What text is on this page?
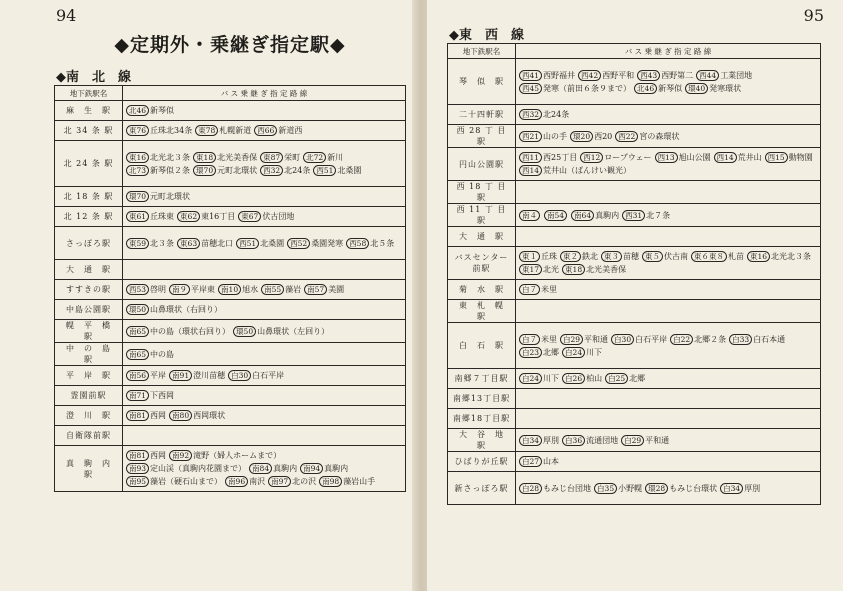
94
◆定期外・乗継ぎ指定駅◆
◆南　北　線
地下鉄駅名	バ ス 乗 継 ぎ 指 定 路 線
麻　生　駅	北46 新琴似
北 34 条 駅	東76 丘珠北34条 東78 札幌新道 西66 新道西
北 24 条 駅	東16 北光北３条 東18 北光美香保 東87 栄町 北72 新川北73 新琴似２条 環70 元町北環状 西32 北24条 西51 北桑園
北 18 条 駅	環70 元町北環状
北 12 条 駅	東61 丘珠東 東62 東16丁目 東67 伏古団地
さっぽろ駅	東59 北３条 東63 苗穂北口 西51 北桑園 西52 桑園発寒 西58 北５条
大　通　駅	
すすきの駅	西53 啓明 南９ 平岸東 南10 旭水 南55 藻岩 南57 美園
中島公園駅	環50 山鼻環状（右回り）
幌　平　橋　駅	南65 中の島（環状右回り） 環50 山鼻環状（左回り）
中　の　島　駅	南65 中の島
平　岸　駅	南56 平岸 南91 澄川苗穂 白30 白石平岸
霊園前駅	南71 下西岡
澄　川　駅	南81 西岡 南80 西岡環状
自衛隊前駅	
真　駒　内　駅	南81 西岡 南92 滝野（婦人ホームまで）南93 定山渓（真駒内花園まで） 南84 真駒内 南94 真駒内南95 藻岩（硬石山まで） 南96 南沢 南97 北の沢 南98 藻岩山手
95
◆東　西　線
地下鉄駅名	バ ス 乗 継 ぎ 指 定 路 線
琴　似　駅	西41 西野福井 西42 西野平和 西43 西野第二 西44 工業団地西45 発寒（前田６条９まで） 北46 新琴似 環40 発寒環状
二十四軒駅	西32 北24条
西 28 丁 目 駅	西21 山の手 環20 西20 西22 宮の森環状
円山公園駅	西11 西25丁目 西12 ロープウェー 西13 旭山公園 西14 荒井山 西15 動物園西14 荒井山（ばんけい観光）
西 18 丁 目 駅	
西 11 丁 目 駅	南４ 南54 南64 真駒内 西31 北７条
大　通　駅	
バスセンター前駅	東１ 丘珠 東２ 鉄北 東３ 苗穂 東５ 伏古南 東６東８ 札苗 東16 北光北３条東17 北光 東18 北光美香保
菊　水　駅	白７ 米里
東　札　幌　駅	
白　石　駅	白７ 米里 白29 平和通 白30 白石平岸 白22 北郷２条 白33 白石本通白23 北郷 白24 川下
南郷７丁目駅	白24 川下 白26 柏山 白25 北郷
南郷13丁目駅	
南郷18丁目駅	
大　谷　地　駅	白34 厚別 白36 流通団地 白29 平和通
ひばりが丘駅	白27 山本
新さっぽろ駅	白28 もみじ台団地 白35 小野幌 環28 もみじ台環状 白34 厚別
